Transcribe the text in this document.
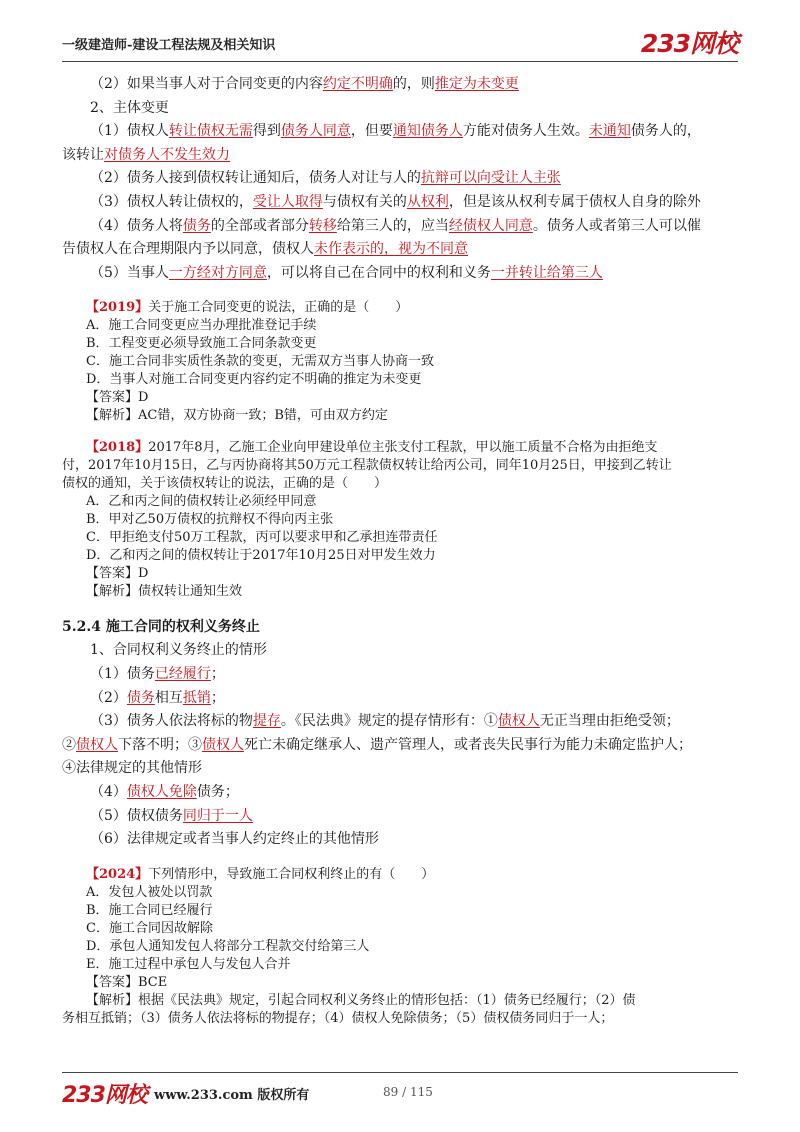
一级建造师-建设工程法规及相关知识	233网校
（2）如果当事人对于合同变更的内容约定不明确的，则推定为未变更
2、主体变更
（1）债权人转让债权无需得到债务人同意，但要通知债务人方能对债务人生效。未通知债务人的，
该转让对债务人不发生效力
（2）债务人接到债权转让通知后，债务人对让与人的抗辩可以向受让人主张
（3）债权人转让债权的，受让人取得与债权有关的从权利，但是该从权利专属于债权人自身的除外
（4）债务人将债务的全部或者部分转移给第三人的，应当经债权人同意。债务人或者第三人可以催
告债权人在合理期限内予以同意，债权人未作表示的，视为不同意
（5）当事人一方经对方同意，可以将自己在合同中的权利和义务一并转让给第三人
【2019】关于施工合同变更的说法，正确的是（　　）
A．施工合同变更应当办理批准登记手续
B．工程变更必须导致施工合同条款变更
C．施工合同非实质性条款的变更，无需双方当事人协商一致
D．当事人对施工合同变更内容约定不明确的推定为未变更
【答案】D
【解析】AC错，双方协商一致；B错，可由双方约定
【2018】2017年8月，乙施工企业向甲建设单位主张支付工程款，甲以施工质量不合格为由拒绝支
付，2017年10月15日，乙与丙协商将其50万元工程款债权转让给丙公司，同年10月25日，甲接到乙转让
债权的通知，关于该债权转让的说法，正确的是（　　）
A．乙和丙之间的债权转让必须经甲同意
B．甲对乙50万债权的抗辩权不得向丙主张
C．甲拒绝支付50万工程款，丙可以要求甲和乙承担连带责任
D．乙和丙之间的债权转让于2017年10月25日对甲发生效力
【答案】D
【解析】债权转让通知生效
5.2.4 施工合同的权利义务终止
1、合同权利义务终止的情形
（1）债务已经履行；
（2）债务相互抵销；
（3）债务人依法将标的物提存。《民法典》规定的提存情形有：①债权人无正当理由拒绝受领；
②债权人下落不明；③债权人死亡未确定继承人、遗产管理人，或者丧失民事行为能力未确定监护人；
④法律规定的其他情形
（4）债权人免除债务；
（5）债权债务同归于一人
（6）法律规定或者当事人约定终止的其他情形
【2024】下列情形中，导致施工合同权利终止的有（　　）
A．发包人被处以罚款
B．施工合同已经履行
C．施工合同因故解除
D．承包人通知发包人将部分工程款交付给第三人
E．施工过程中承包人与发包人合并
【答案】BCE
【解析】根据《民法典》规定，引起合同权利义务终止的情形包括：（1）债务已经履行；（2）债
务相互抵销；（3）债务人依法将标的物提存；（4）债权人免除债务；（5）债权债务同归于一人；
233网校 www.233.com 版权所有	89 / 115
